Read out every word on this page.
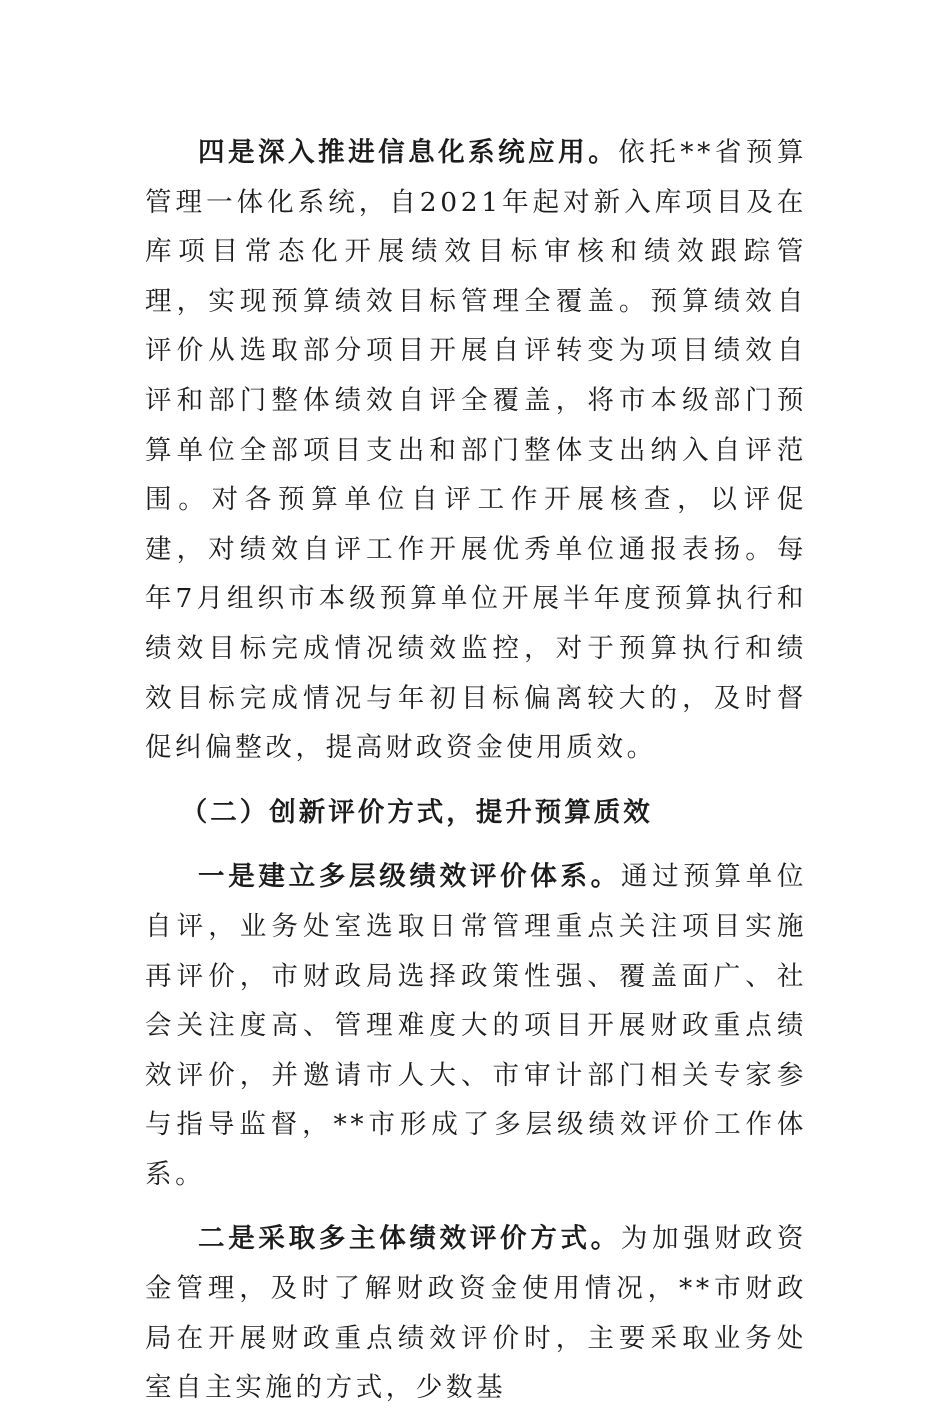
四是深入推进信息化系统应用。依托**省预算管理一体化系统，自2021年起对新入库项目及在库项目常态化开展绩效目标审核和绩效跟踪管理，实现预算绩效目标管理全覆盖。预算绩效自评价从选取部分项目开展自评转变为项目绩效自评和部门整体绩效自评全覆盖，将市本级部门预算单位全部项目支出和部门整体支出纳入自评范围。对各预算单位自评工作开展核查，以评促建，对绩效自评工作开展优秀单位通报表扬。每年7月组织市本级预算单位开展半年度预算执行和绩效目标完成情况绩效监控，对于预算执行和绩效目标完成情况与年初目标偏离较大的，及时督促纠偏整改，提高财政资金使用质效。

（二）创新评价方式，提升预算质效

一是建立多层级绩效评价体系。通过预算单位自评，业务处室选取日常管理重点关注项目实施再评价，市财政局选择政策性强、覆盖面广、社会关注度高、管理难度大的项目开展财政重点绩效评价，并邀请市人大、市审计部门相关专家参与指导监督，**市形成了多层级绩效评价工作体系。

二是采取多主体绩效评价方式。为加强财政资金管理，及时了解财政资金使用情况，**市财政局在开展财政重点绩效评价时，主要采取业务处室自主实施的方式，少数基
